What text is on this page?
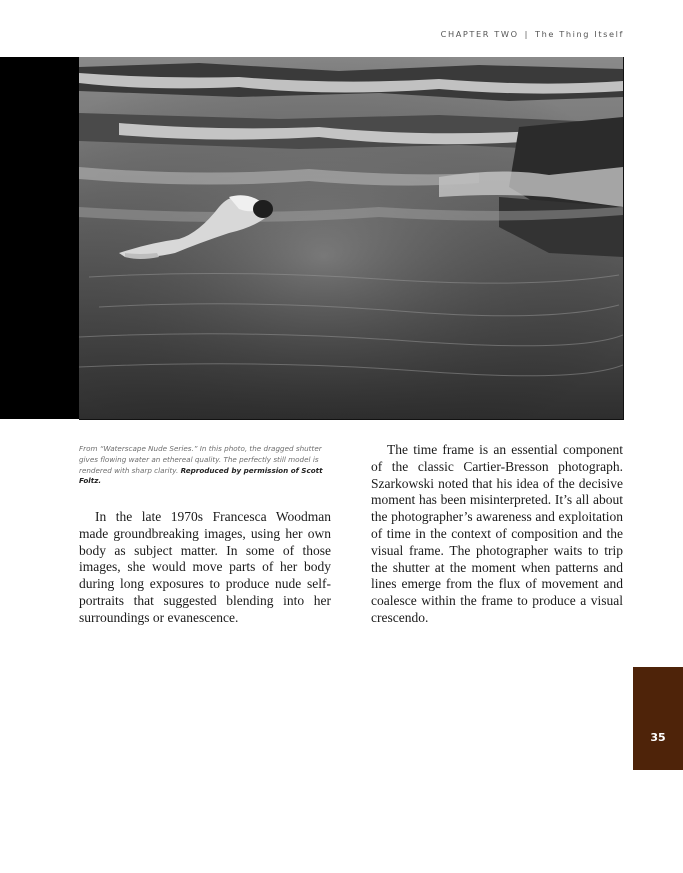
CHAPTER TWO | The Thing Itself
From “Waterscape Nude Series.” In this photo, the dragged shutter gives flowing water an ethereal quality. The perfectly still model is rendered with sharp clarity. Reproduced by permission of Scott Foltz.

In the late 1970s Francesca Woodman made groundbreaking images, using her own body as subject matter. In some of those images, she would move parts of her body during long exposures to produce nude self-portraits that suggested blending into her surroundings or evanescence.

The time frame is an essential component of the classic Cartier-Bresson photograph. Szarkowski noted that his idea of the decisive moment has been misinterpreted. It’s all about the photographer’s awareness and exploitation of time in the context of composition and the visual frame. The photographer waits to trip the shutter at the moment when patterns and lines emerge from the flux of movement and coalesce within the frame to produce a visual crescendo.

35
